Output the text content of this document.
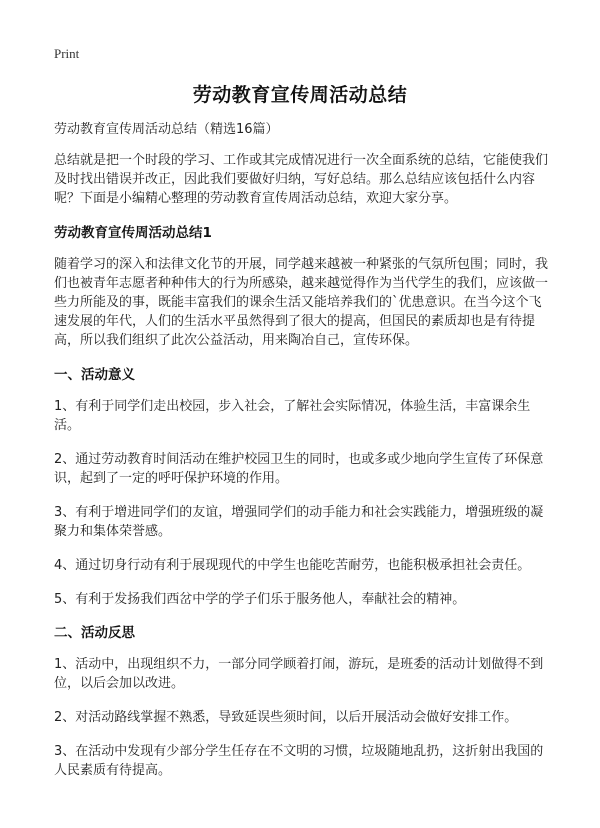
Print
劳动教育宣传周活动总结

劳动教育宣传周活动总结（精选16篇）

总结就是把一个时段的学习、工作或其完成情况进行一次全面系统的总结，它能使我们及时找出错误并改正，因此我们要做好归纳，写好总结。那么总结应该包括什么内容呢？下面是小编精心整理的劳动教育宣传周活动总结，欢迎大家分享。

劳动教育宣传周活动总结1

随着学习的深入和法律文化节的开展，同学越来越被一种紧张的气氛所包围；同时，我们也被青年志愿者种种伟大的行为所感染，越来越觉得作为当代学生的我们，应该做一些力所能及的事，既能丰富我们的课余生活又能培养我们的`优患意识。在当今这个飞速发展的年代，人们的生活水平虽然得到了很大的提高，但国民的素质却也是有待提高，所以我们组织了此次公益活动，用来陶冶自己，宣传环保。

一、活动意义

1、有利于同学们走出校园，步入社会，了解社会实际情况，体验生活，丰富课余生活。

2、通过劳动教育时间活动在维护校园卫生的同时，也或多或少地向学生宣传了环保意识，起到了一定的呼吁保护环境的作用。

3、有利于增进同学们的友谊，增强同学们的动手能力和社会实践能力，增强班级的凝聚力和集体荣誉感。

4、通过切身行动有利于展现现代的中学生也能吃苦耐劳，也能积极承担社会责任。

5、有利于发扬我们西岔中学的学子们乐于服务他人，奉献社会的精神。

二、活动反思

1、活动中，出现组织不力，一部分同学顾着打闹，游玩，是班委的活动计划做得不到位，以后会加以改进。

2、对活动路线掌握不熟悉，导致延误些须时间，以后开展活动会做好安排工作。

3、在活动中发现有少部分学生任存在不文明的习惯，垃圾随地乱扔，这折射出我国的人民素质有待提高。
